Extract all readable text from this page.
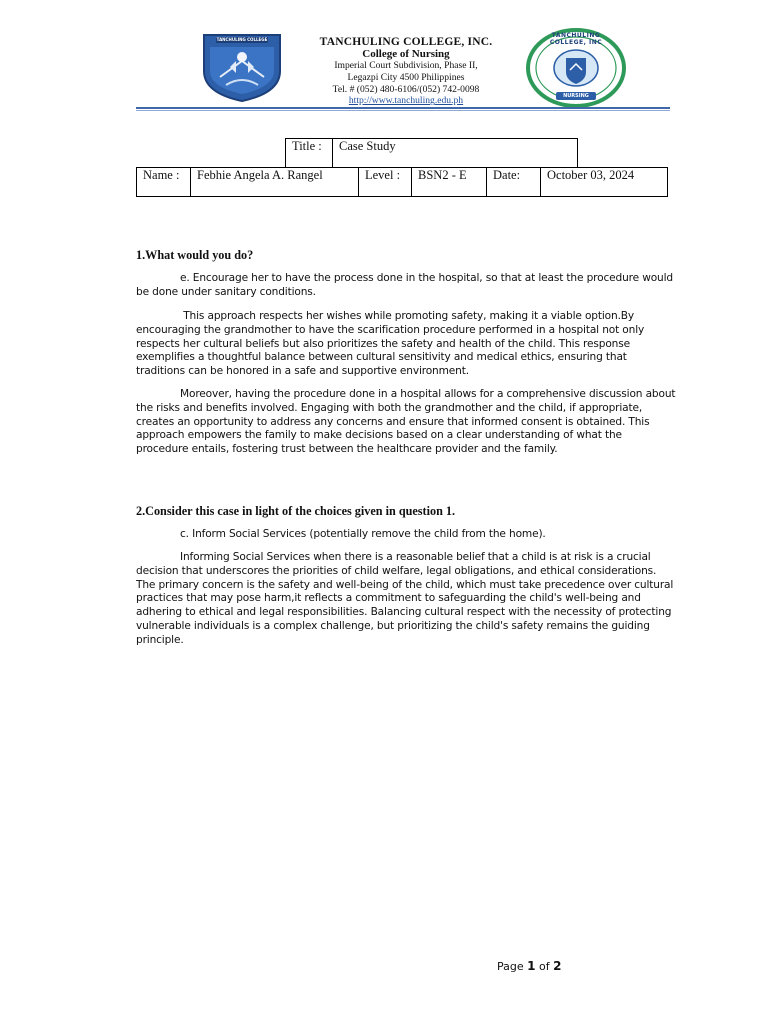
TANCHULING COLLEGE	TANCHULING COLLEGE, INC.
College of Nursing
Imperial Court Subdivision, Phase II,
Legazpi City 4500 Philippines
Tel. # (052) 480-6106/(052) 742-0098
http://www.tanchuling.edu.ph
TANCHULING COLLEGE, INC
NURSING
Title :	Case Study
Name :	Febhie Angela A. Rangel	Level :	BSN2 - E	Date:	October 03, 2024
1.What would you do?
e. Encourage her to have the process done in the hospital, so that at least the procedure would be done under sanitary conditions.
This approach respects her wishes while promoting safety, making it a viable option.By encouraging the grandmother to have the scarification procedure performed in a hospital not only respects her cultural beliefs but also prioritizes the safety and health of the child. This response exemplifies a thoughtful balance between cultural sensitivity and medical ethics, ensuring that traditions can be honored in a safe and supportive environment.
Moreover, having the procedure done in a hospital allows for a comprehensive discussion about the risks and benefits involved. Engaging with both the grandmother and the child, if appropriate, creates an opportunity to address any concerns and ensure that informed consent is obtained. This approach empowers the family to make decisions based on a clear understanding of what the procedure entails, fostering trust between the healthcare provider and the family.
2.Consider this case in light of the choices given in question 1.
c. Inform Social Services (potentially remove the child from the home).
Informing Social Services when there is a reasonable belief that a child is at risk is a crucial decision that underscores the priorities of child welfare, legal obligations, and ethical considerations. The primary concern is the safety and well-being of the child, which must take precedence over cultural practices that may pose harm,it reflects a commitment to safeguarding the child's well-being and adhering to ethical and legal responsibilities. Balancing cultural respect with the necessity of protecting vulnerable individuals is a complex challenge, but prioritizing the child's safety remains the guiding principle.
Page 1 of 2
